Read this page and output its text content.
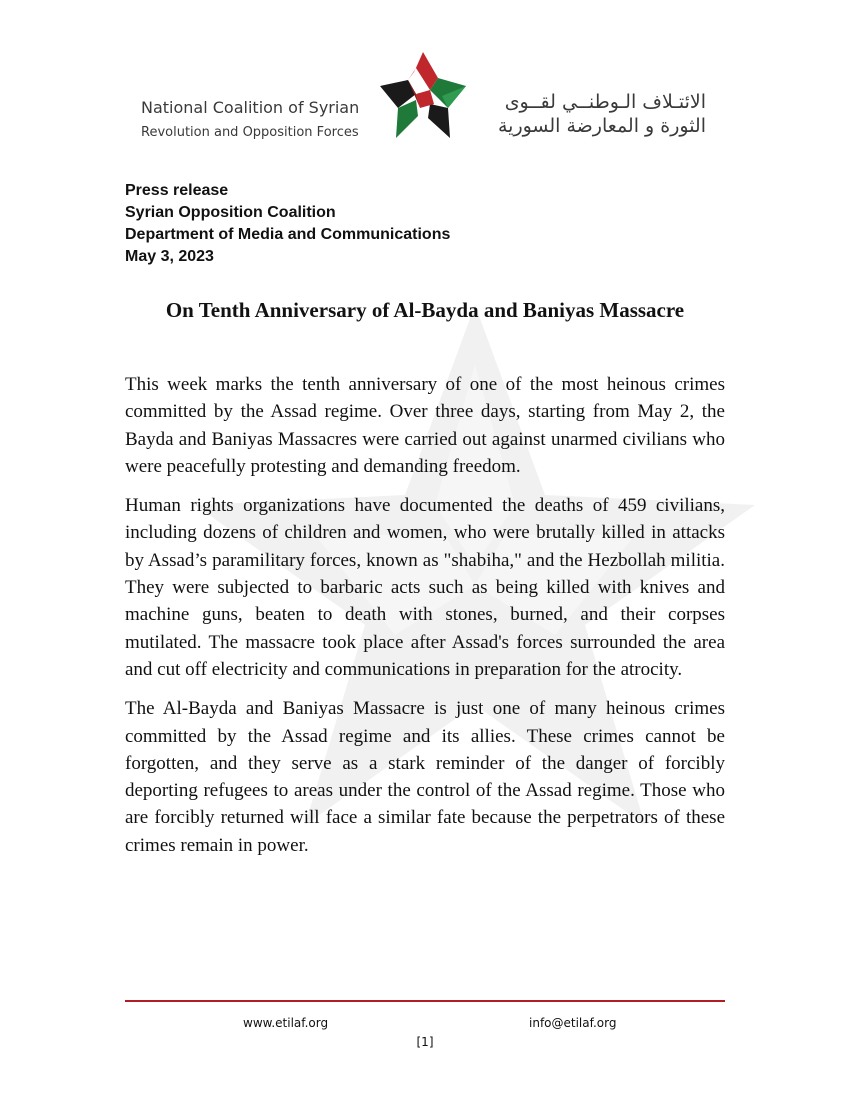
National Coalition of Syrian
Revolution and Opposition Forces
الائتـلاف الـوطنــي لقــوى
الثورة و المعارضة السورية
Press release
Syrian Opposition Coalition
Department of Media and Communications
May 3, 2023
On Tenth Anniversary of Al-Bayda and Baniyas Massacre

This week marks the tenth anniversary of one of the most heinous crimes committed by the Assad regime. Over three days, starting from May 2, the Bayda and Baniyas Massacres were carried out against unarmed civilians who were peacefully protesting and demanding freedom.

Human rights organizations have documented the deaths of 459 civilians, including dozens of children and women, who were brutally killed in attacks by Assad’s paramilitary forces, known as "shabiha," and the Hezbollah militia. They were subjected to barbaric acts such as being killed with knives and machine guns, beaten to death with stones, burned, and their corpses mutilated. The massacre took place after Assad's forces surrounded the area and cut off electricity and communications in preparation for the atrocity.

The Al-Bayda and Baniyas Massacre is just one of many heinous crimes committed by the Assad regime and its allies. These crimes cannot be forgotten, and they serve as a stark reminder of the danger of forcibly deporting refugees to areas under the control of the Assad regime. Those who are forcibly returned will face a similar fate because the perpetrators of these crimes remain in power.

www.etilaf.org	info@etilaf.org
[1]
